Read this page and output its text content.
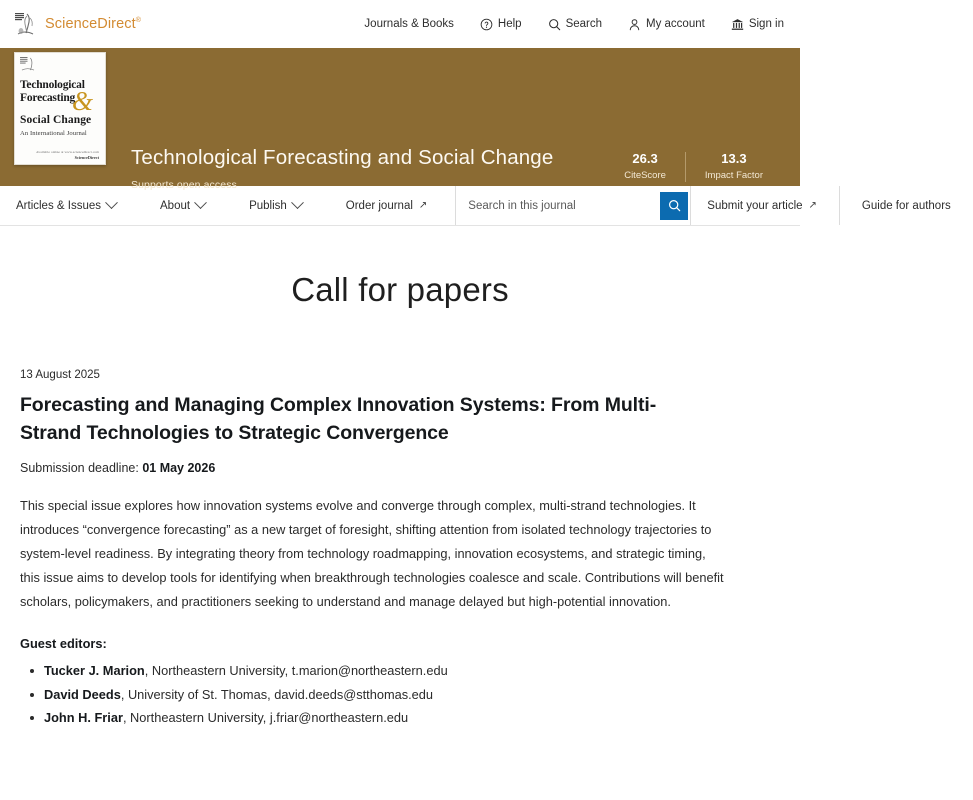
ScienceDirect®	Journals & Books	Help	Search	My account	Sign in
&
Technological
Forecasting
Social Change
An International Journal
Available online at www.sciencedirect.com
ScienceDirect Technological Forecasting and Social Change
Supports open access
26.3
CiteScore
13.3
Impact Factor
Articles & Issues	About	Publish	Order journal ↗
Search in this journal	Submit your article ↗	Guide for authors
Call for papers
13 August 2025
Forecasting and Managing Complex Innovation Systems: From Multi-Strand Technologies to Strategic Convergence
Submission deadline: 01 May 2026

This special issue explores how innovation systems evolve and converge through complex, multi-strand technologies. It introduces “convergence forecasting” as a new target of foresight, shifting attention from isolated technology trajectories to system-level readiness. By integrating theory from technology roadmapping, innovation ecosystems, and strategic timing, this issue aims to develop tools for identifying when breakthrough technologies coalesce and scale. Contributions will benefit scholars, policymakers, and practitioners seeking to understand and manage delayed but high-potential innovation.

Guest editors:
Tucker J. Marion, Northeastern University, t.marion@northeastern.edu
David Deeds, University of St. Thomas, david.deeds@stthomas.edu
John H. Friar, Northeastern University, j.friar@northeastern.edu
